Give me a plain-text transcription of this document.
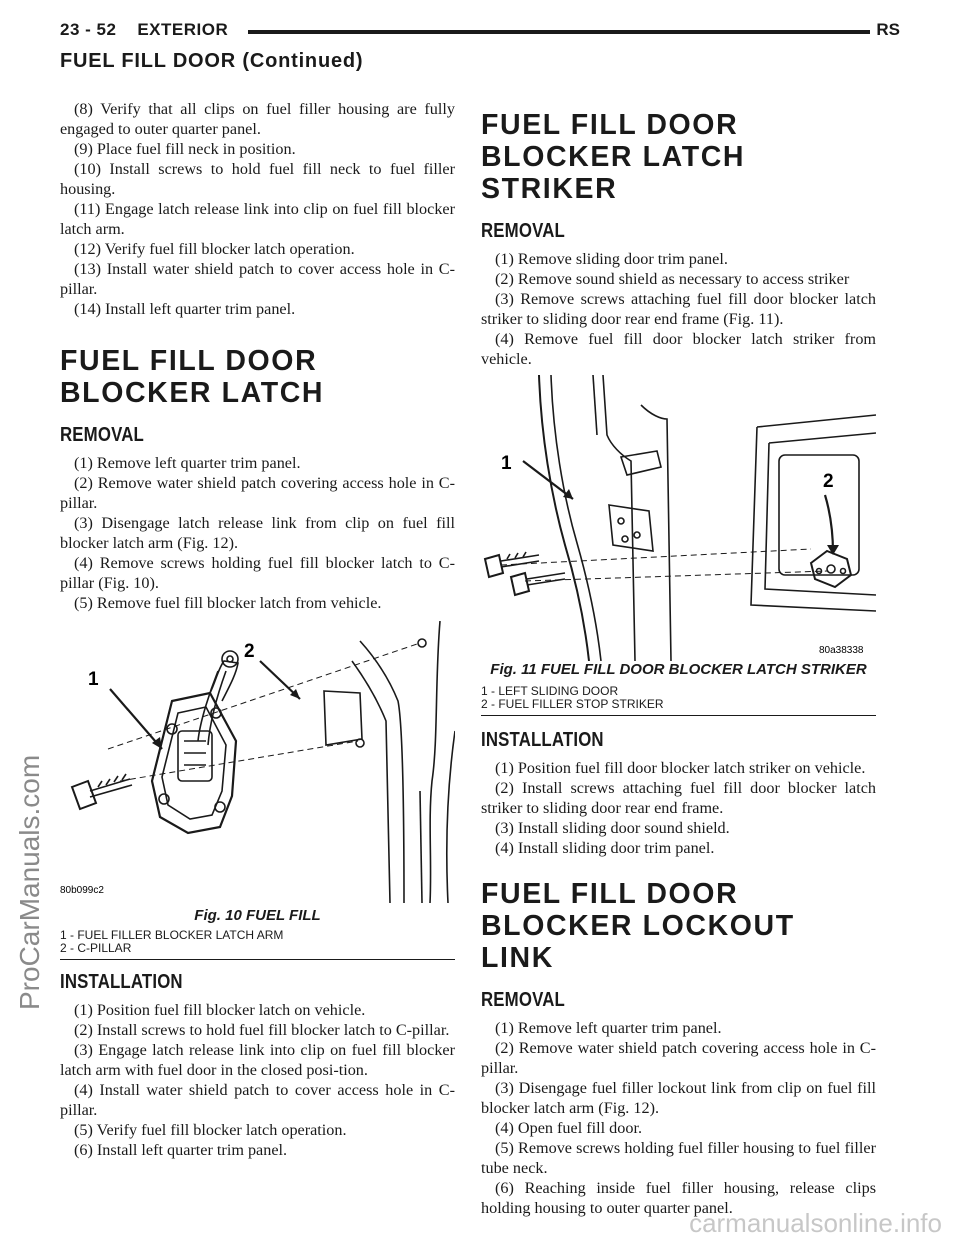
23 - 52 EXTERIOR	RS
FUEL FILL DOOR (Continued)

(8) Verify that all clips on fuel filler housing are fully engaged to outer quarter panel.

(9) Place fuel fill neck in position.

(10) Install screws to hold fuel fill neck to fuel filler housing.

(11) Engage latch release link into clip on fuel fill blocker latch arm.

(12) Verify fuel fill blocker latch operation.

(13) Install water shield patch to cover access hole in C-pillar.

(14) Install left quarter trim panel.

FUEL FILL DOOR BLOCKER LATCH
REMOVAL

(1) Remove left quarter trim panel.

(2) Remove water shield patch covering access hole in C-pillar.

(3) Disengage latch release link from clip on fuel fill blocker latch arm (Fig. 12).

(4) Remove screws holding fuel fill blocker latch to C-pillar (Fig. 10).

(5) Remove fuel fill blocker latch from vehicle.

1
2
80b099c2
Fig. 10 FUEL FILL
1 - FUEL FILLER BLOCKER LATCH ARM
2 - C-PILLAR
INSTALLATION

(1) Position fuel fill blocker latch on vehicle.

(2) Install screws to hold fuel fill blocker latch to C-pillar.

(3) Engage latch release link into clip on fuel fill blocker latch arm with fuel door in the closed posi-tion.

(4) Install water shield patch to cover access hole in C-pillar.

(5) Verify fuel fill blocker latch operation.

(6) Install left quarter trim panel.

FUEL FILL DOOR BLOCKER LATCH STRIKER
REMOVAL

(1) Remove sliding door trim panel.

(2) Remove sound shield as necessary to access striker

(3) Remove screws attaching fuel fill door blocker latch striker to sliding door rear end frame (Fig. 11).

(4) Remove fuel fill door blocker latch striker from vehicle.

1
2
80a38338
Fig. 11 FUEL FILL DOOR BLOCKER LATCH STRIKER
1 - LEFT SLIDING DOOR
2 - FUEL FILLER STOP STRIKER
INSTALLATION

(1) Position fuel fill door blocker latch striker on vehicle.

(2) Install screws attaching fuel fill door blocker latch striker to sliding door rear end frame.

(3) Install sliding door sound shield.

(4) Install sliding door trim panel.

FUEL FILL DOOR BLOCKER LOCKOUT LINK
REMOVAL

(1) Remove left quarter trim panel.

(2) Remove water shield patch covering access hole in C-pillar.

(3) Disengage fuel filler lockout link from clip on fuel fill blocker latch arm (Fig. 12).

(4) Open fuel fill door.

(5) Remove screws holding fuel filler housing to fuel filler tube neck.

(6) Reaching inside fuel filler housing, release clips holding housing to outer quarter panel.

ProCarManuals.com
carmanualsonline.info
